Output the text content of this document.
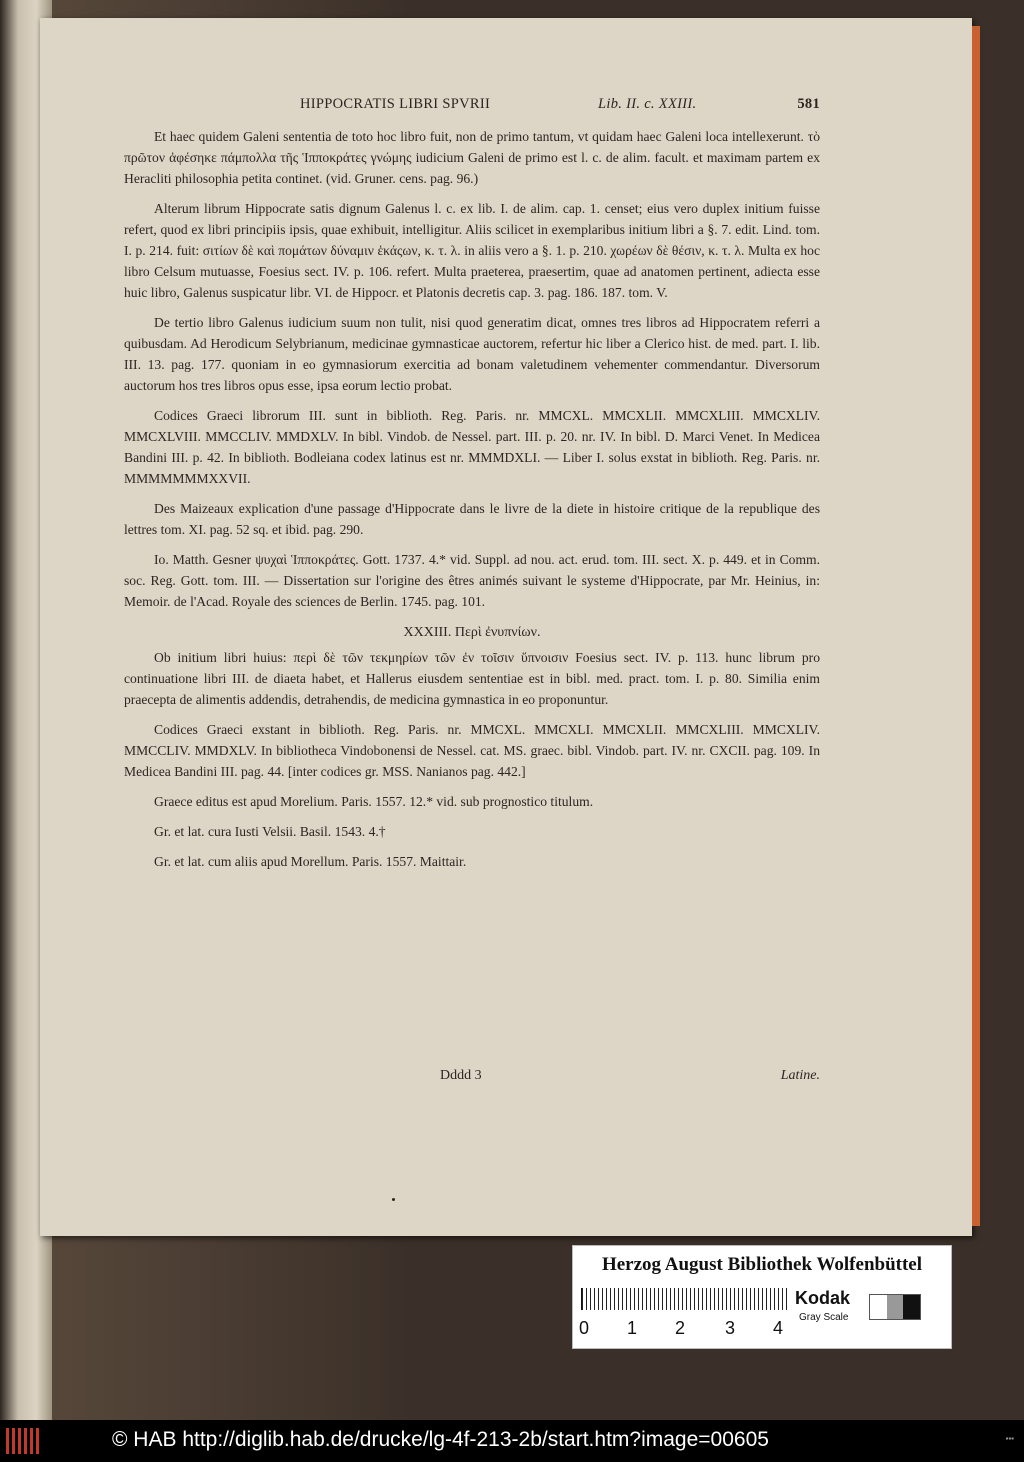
HIPPOCRATIS LIBRI SPVRII	Lib. II. c. XXIII.	581

Et haec quidem Galeni sententia de toto hoc libro fuit, non de primo tantum, vt quidam haec Galeni loca intellexerunt. τὸ πρῶτον ἀφέσηκε πάμπολλα τῆς Ἱπποκράτες γνώμης iudicium Galeni de primo est l. c. de alim. facult. et maximam partem ex Heracliti philosophia petita continet. (vid. Gruner. cens. pag. 96.)

Alterum librum Hippocrate satis dignum Galenus l. c. ex lib. I. de alim. cap. 1. censet; eius vero duplex initium fuisse refert, quod ex libri principiis ipsis, quae exhibuit, intelligitur. Aliis scilicet in exemplaribus initium libri a §. 7. edit. Lind. tom. I. p. 214. fuit: σιτίων δὲ καὶ πομάτων δύναμιν ἑκάςων, κ. τ. λ. in aliis vero a §. 1. p. 210. χωρέων δὲ θέσιν, κ. τ. λ. Multa ex hoc libro Celsum mutuasse, Foesius sect. IV. p. 106. refert. Multa praeterea, praesertim, quae ad anatomen pertinent, adiecta esse huic libro, Galenus suspicatur libr. VI. de Hippocr. et Platonis decretis cap. 3. pag. 186. 187. tom. V.

De tertio libro Galenus iudicium suum non tulit, nisi quod generatim dicat, omnes tres libros ad Hippocratem referri a quibusdam. Ad Herodicum Selybrianum, medicinae gymnasticae auctorem, refertur hic liber a Clerico hist. de med. part. I. lib. III. 13. pag. 177. quoniam in eo gymnasiorum exercitia ad bonam valetudinem vehementer commendantur. Diversorum auctorum hos tres libros opus esse, ipsa eorum lectio probat.

Codices Graeci librorum III. sunt in biblioth. Reg. Paris. nr. MMCXL. MMCXLII. MMCXLIII. MMCXLIV. MMCXLVIII. MMCCLIV. MMDXLV. In bibl. Vindob. de Nessel. part. III. p. 20. nr. IV. In bibl. D. Marci Venet. In Medicea Bandini III. p. 42. In biblioth. Bodleiana codex latinus est nr. MMMDXLI. — Liber I. solus exstat in biblioth. Reg. Paris. nr. MMMMMMMXXVII.

Des Maizeaux explication d'une passage d'Hippocrate dans le livre de la diete in histoire critique de la republique des lettres tom. XI. pag. 52 sq. et ibid. pag. 290.

Io. Matth. Gesner ψυχαὶ Ἱπποκράτες. Gott. 1737. 4.* vid. Suppl. ad nou. act. erud. tom. III. sect. X. p. 449. et in Comm. soc. Reg. Gott. tom. III. — Dissertation sur l'origine des êtres animés suivant le systeme d'Hippocrate, par Mr. Heinius, in: Memoir. de l'Acad. Royale des sciences de Berlin. 1745. pag. 101.

XXXIII. Περὶ ἐνυπνίων.

Ob initium libri huius: περὶ δὲ τῶν τεκμηρίων τῶν ἐν τοῖσιν ὕπνοισιν Foesius sect. IV. p. 113. hunc librum pro continuatione libri III. de diaeta habet, et Hallerus eiusdem sententiae est in bibl. med. pract. tom. I. p. 80. Similia enim praecepta de alimentis addendis, detrahendis, de medicina gymnastica in eo proponuntur.

Codices Graeci exstant in biblioth. Reg. Paris. nr. MMCXL. MMCXLI. MMCXLII. MMCXLIII. MMCXLIV. MMCCLIV. MMDXLV. In bibliotheca Vindobonensi de Nessel. cat. MS. graec. bibl. Vindob. part. IV. nr. CXCII. pag. 109. In Medicea Bandini III. pag. 44. [inter codices gr. MSS. Nanianos pag. 442.]

Graece editus est apud Morelium. Paris. 1557. 12.* vid. sub prognostico titulum.

Gr. et lat. cura Iusti Velsii. Basil. 1543. 4.†

Gr. et lat. cum aliis apud Morellum. Paris. 1557. Maittair.

Dddd 3	Latine.
Herzog August Bibliothek Wolfenbüttel
0 1 2 3 4
Kodak
Gray Scale
© HAB http://diglib.hab.de/drucke/lg-4f-213-2b/start.htm?image=00605	▪▪▪
